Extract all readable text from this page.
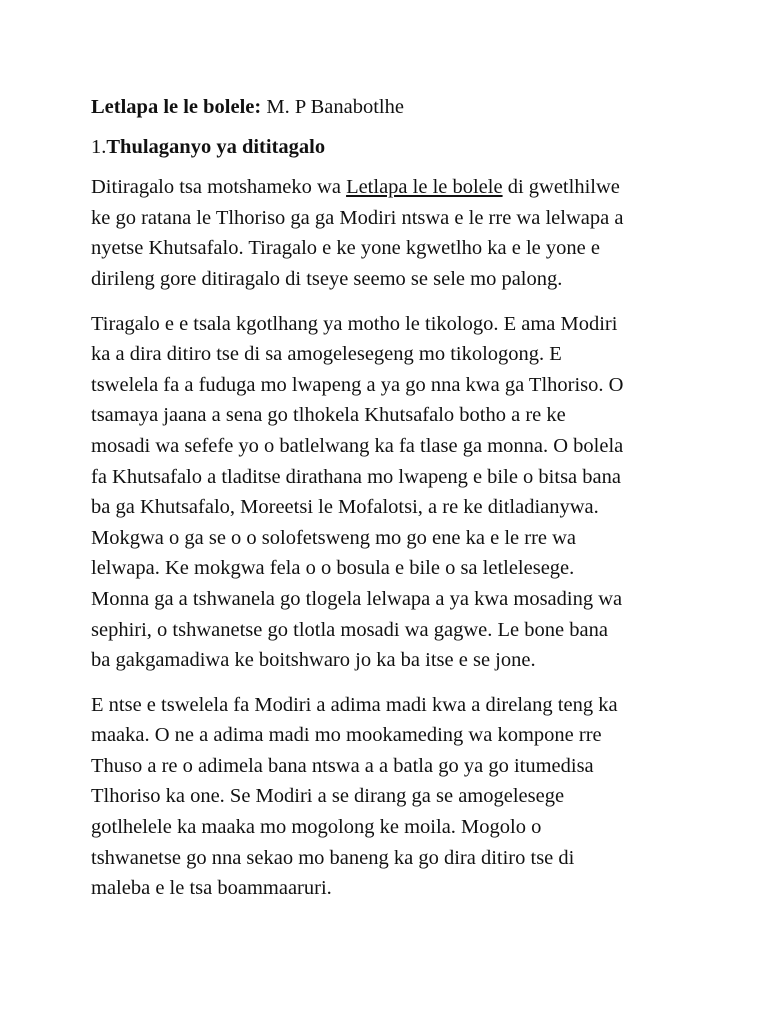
Letlapa le le bolele: M. P Banabotlhe
1.Thulaganyo ya dititagalo
Ditiragalo tsa motshameko wa Letlapa le le bolele di gwetlhilwe
ke go ratana le Tlhoriso ga ga Modiri ntswa e le rre wa lelwapa a
nyetse Khutsafalo. Tiragalo e ke yone kgwetlho ka e le yone e
dirileng gore ditiragalo di tseye seemo se sele mo palong.
Tiragalo e e tsala kgotlhang ya motho le tikologo. E ama Modiri
ka a dira ditiro tse di sa amogelesegeng mo tikologong. E
tswelela fa a fuduga mo lwapeng a ya go nna kwa ga Tlhoriso. O
tsamaya jaana a sena go tlhokela Khutsafalo botho a re ke
mosadi wa sefefe yo o batlelwang ka fa tlase ga monna. O bolela
fa Khutsafalo a tladitse dirathana mo lwapeng e bile o bitsa bana
ba ga Khutsafalo, Moreetsi le Mofalotsi, a re ke ditladianywa.
Mokgwa o ga se o o solofetsweng mo go ene ka e le rre wa
lelwapa. Ke mokgwa fela o o bosula e bile o sa letlelesege.
Monna ga a tshwanela go tlogela lelwapa a ya kwa mosading wa
sephiri, o tshwanetse go tlotla mosadi wa gagwe. Le bone bana
ba gakgamadiwa ke boitshwaro jo ka ba itse e se jone.
E ntse e tswelela fa Modiri a adima madi kwa a direlang teng ka
maaka. O ne a adima madi mo mookameding wa kompone rre
Thuso a re o adimela bana ntswa a a batla go ya go itumedisa
Tlhoriso ka one. Se Modiri a se dirang ga se amogelesege
gotlhelele ka maaka mo mogolong ke moila. Mogolo o
tshwanetse go nna sekao mo baneng ka go dira ditiro tse di
maleba e le tsa boammaaruri.
